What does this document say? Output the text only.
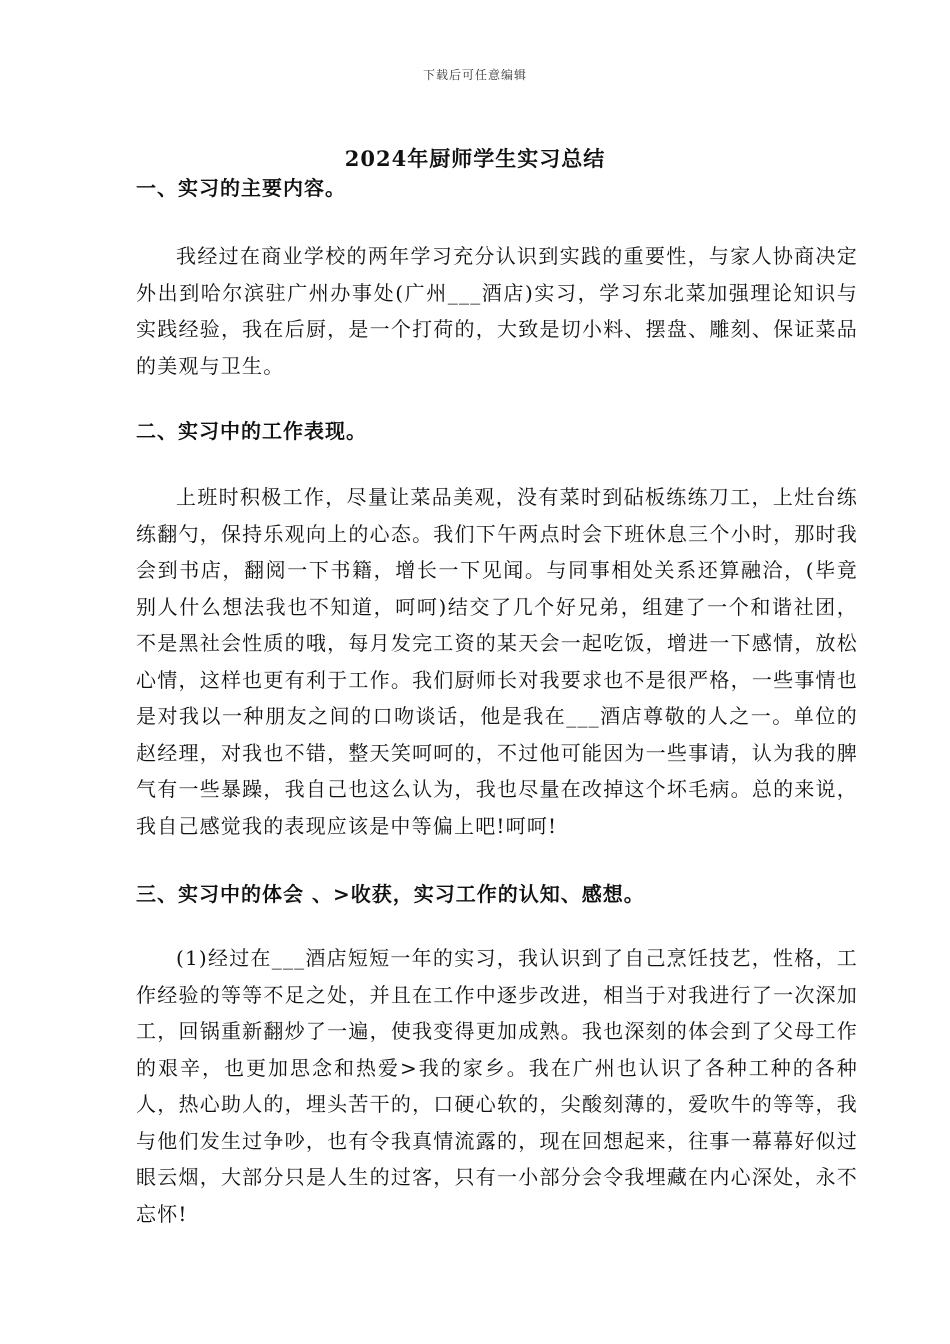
下载后可任意编辑
2024年厨师学生实习总结

一、实习的主要内容。

我经过在商业学校的两年学习充分认识到实践的重要性，与家人协商决定外出到哈尔滨驻广州办事处(广州___酒店)实习，学习东北菜加强理论知识与实践经验，我在后厨，是一个打荷的，大致是切小料、摆盘、雕刻、保证菜品的美观与卫生。

二、实习中的工作表现。

上班时积极工作，尽量让菜品美观，没有菜时到砧板练练刀工，上灶台练练翻勺，保持乐观向上的心态。我们下午两点时会下班休息三个小时，那时我会到书店，翻阅一下书籍，增长一下见闻。与同事相处关系还算融洽，(毕竟别人什么想法我也不知道，呵呵)结交了几个好兄弟，组建了一个和谐社团，不是黑社会性质的哦，每月发完工资的某天会一起吃饭，增进一下感情，放松心情，这样也更有利于工作。我们厨师长对我要求也不是很严格，一些事情也是对我以一种朋友之间的口吻谈话，他是我在___酒店尊敬的人之一。单位的赵经理，对我也不错，整天笑呵呵的，不过他可能因为一些事请，认为我的脾气有一些暴躁，我自己也这么认为，我也尽量在改掉这个坏毛病。总的来说，我自己感觉我的表现应该是中等偏上吧!呵呵!

三、实习中的体会 、>收获，实习工作的认知、感想。

(1)经过在___酒店短短一年的实习，我认识到了自己烹饪技艺，性格，工作经验的等等不足之处，并且在工作中逐步改进，相当于对我进行了一次深加工，回锅重新翻炒了一遍，使我变得更加成熟。我也深刻的体会到了父母工作的艰辛，也更加思念和热爱>我的家乡。我在广州也认识了各种工种的各种人，热心助人的，埋头苦干的，口硬心软的，尖酸刻薄的，爱吹牛的等等，我与他们发生过争吵，也有令我真情流露的，现在回想起来，往事一幕幕好似过眼云烟，大部分只是人生的过客，只有一小部分会令我埋藏在内心深处，永不忘怀!
